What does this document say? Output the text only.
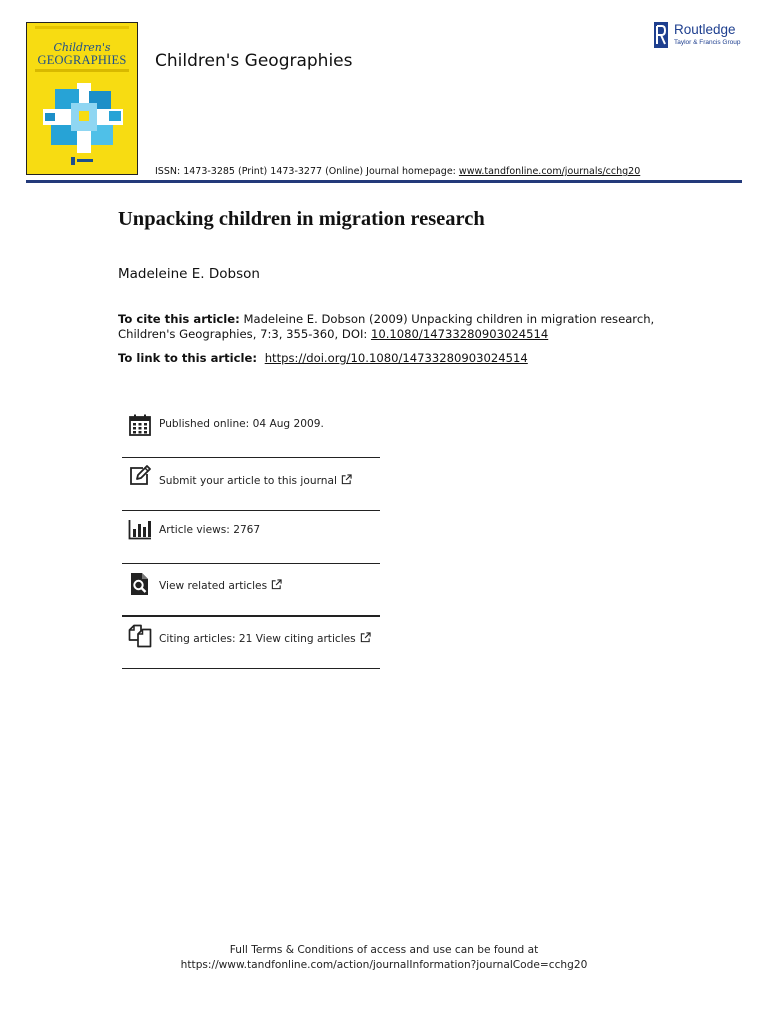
Children's
GEOGRAPHIES	Children's Geographies
ISSN: 1473-3285 (Print) 1473-3277 (Online) Journal homepage: www.tandfonline.com/journals/cchg20
Routledge
Taylor & Francis Group
Unpacking children in migration research
Madeleine E. Dobson
To cite this article: Madeleine E. Dobson (2009) Unpacking children in migration research,
Children's Geographies, 7:3, 355-360, DOI: 10.1080/14733280903024514
To link to this article:  https://doi.org/10.1080/14733280903024514
Published online: 04 Aug 2009.
Submit your article to this journal
Article views: 2767
View related articles
Citing articles: 21 View citing articles
Full Terms & Conditions of access and use can be found at
https://www.tandfonline.com/action/journalInformation?journalCode=cchg20
